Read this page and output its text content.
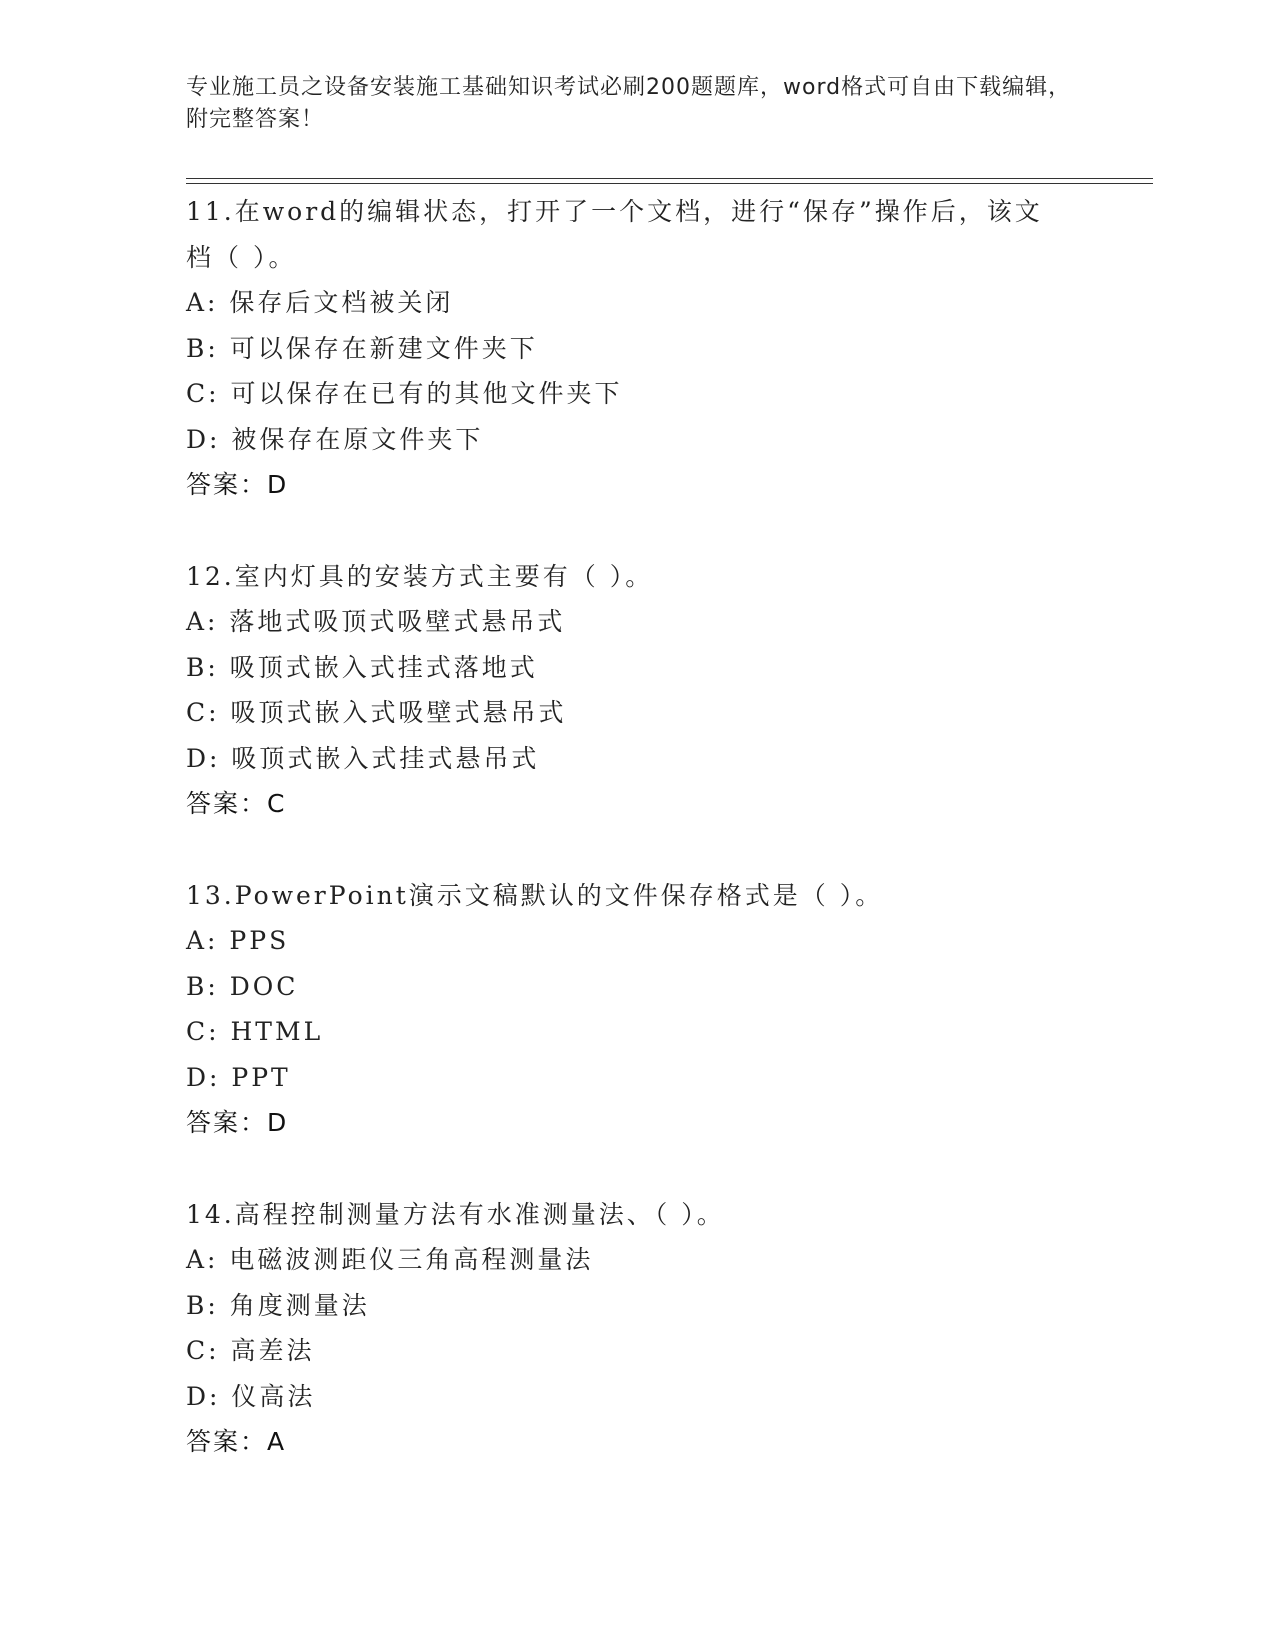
专业施工员之设备安装施工基础知识考试必刷200题题库，word格式可自由下载编辑，附完整答案！
11.在word的编辑状态，打开了一个文档，进行“保存”操作后，该文档（ ）。
A: 保存后文档被关闭
B: 可以保存在新建文件夹下
C: 可以保存在已有的其他文件夹下
D: 被保存在原文件夹下
答案：D
12.室内灯具的安装方式主要有（ ）。
A: 落地式吸顶式吸壁式悬吊式
B: 吸顶式嵌入式挂式落地式
C: 吸顶式嵌入式吸壁式悬吊式
D: 吸顶式嵌入式挂式悬吊式
答案：C
13.PowerPoint演示文稿默认的文件保存格式是（ ）。
A: PPS
B: DOC
C: HTML
D: PPT
答案：D
14.高程控制测量方法有水准测量法、（ ）。
A: 电磁波测距仪三角高程测量法
B: 角度测量法
C: 高差法
D: 仪高法
答案：A
